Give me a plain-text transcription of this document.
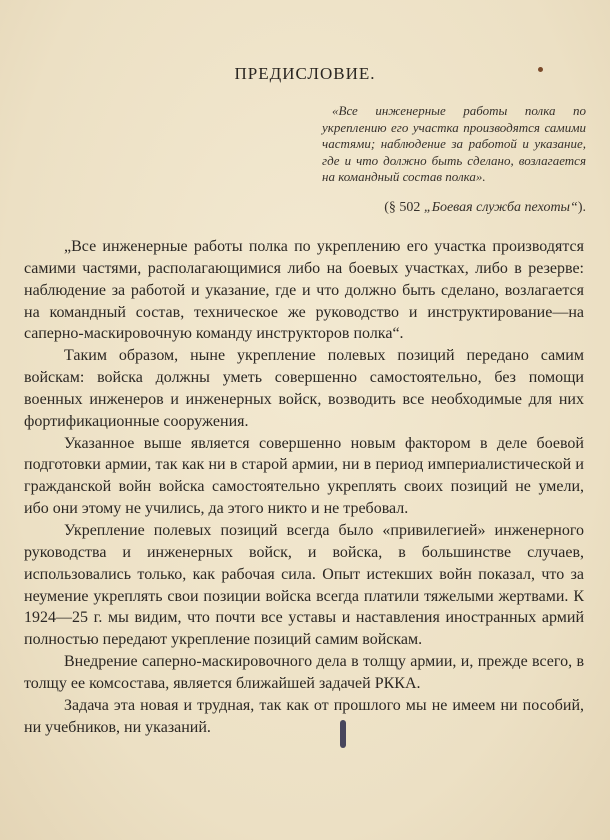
ПРЕДИСЛОВИЕ.
«Все инженерные работы полка по укреплению его участка производятся самими частями; наблюдение за работой и указание, где и что должно быть сделано, возлагается на командный состав полка».
(§ 502 „Боевая служба пехоты“).

„Все инженерные работы полка по укреплению его участка производятся самими частями, располагающимися либо на боевых участках, либо в резерве: наблюдение за работой и указание, где и что должно быть сделано, возлагается на командный состав, техническое же руководство и инструктирование—на саперно-маскировочную команду инструкторов полка“.

Таким образом, ныне укрепление полевых позиций передано самим войскам: войска должны уметь совершенно самостоятельно, без помощи военных инженеров и инженерных войск, возводить все необходимые для них фортификационные сооружения.

Указанное выше является совершенно новым фактором в деле боевой подготовки армии, так как ни в старой армии, ни в период империалистической и гражданской войн войска самостоятельно укреплять своих позиций не умели, ибо они этому не учились, да этого никто и не требовал.

Укрепление полевых позиций всегда было «привилегией» инженерного руководства и инженерных войск, и войска, в большинстве случаев, использовались только, как рабочая сила. Опыт истекших войн показал, что за неумение укреплять свои позиции войска всегда платили тяжелыми жертвами. К 1924—25 г. мы видим, что почти все уставы и наставления иностранных армий полностью передают укрепление позиций самим войскам.

Внедрение саперно-маскировочного дела в толщу армии, и, прежде всего, в толщу ее комсостава, является ближайшей задачей РККА.

Задача эта новая и трудная, так как от прошлого мы не имеем ни пособий, ни учебников, ни указаний.
